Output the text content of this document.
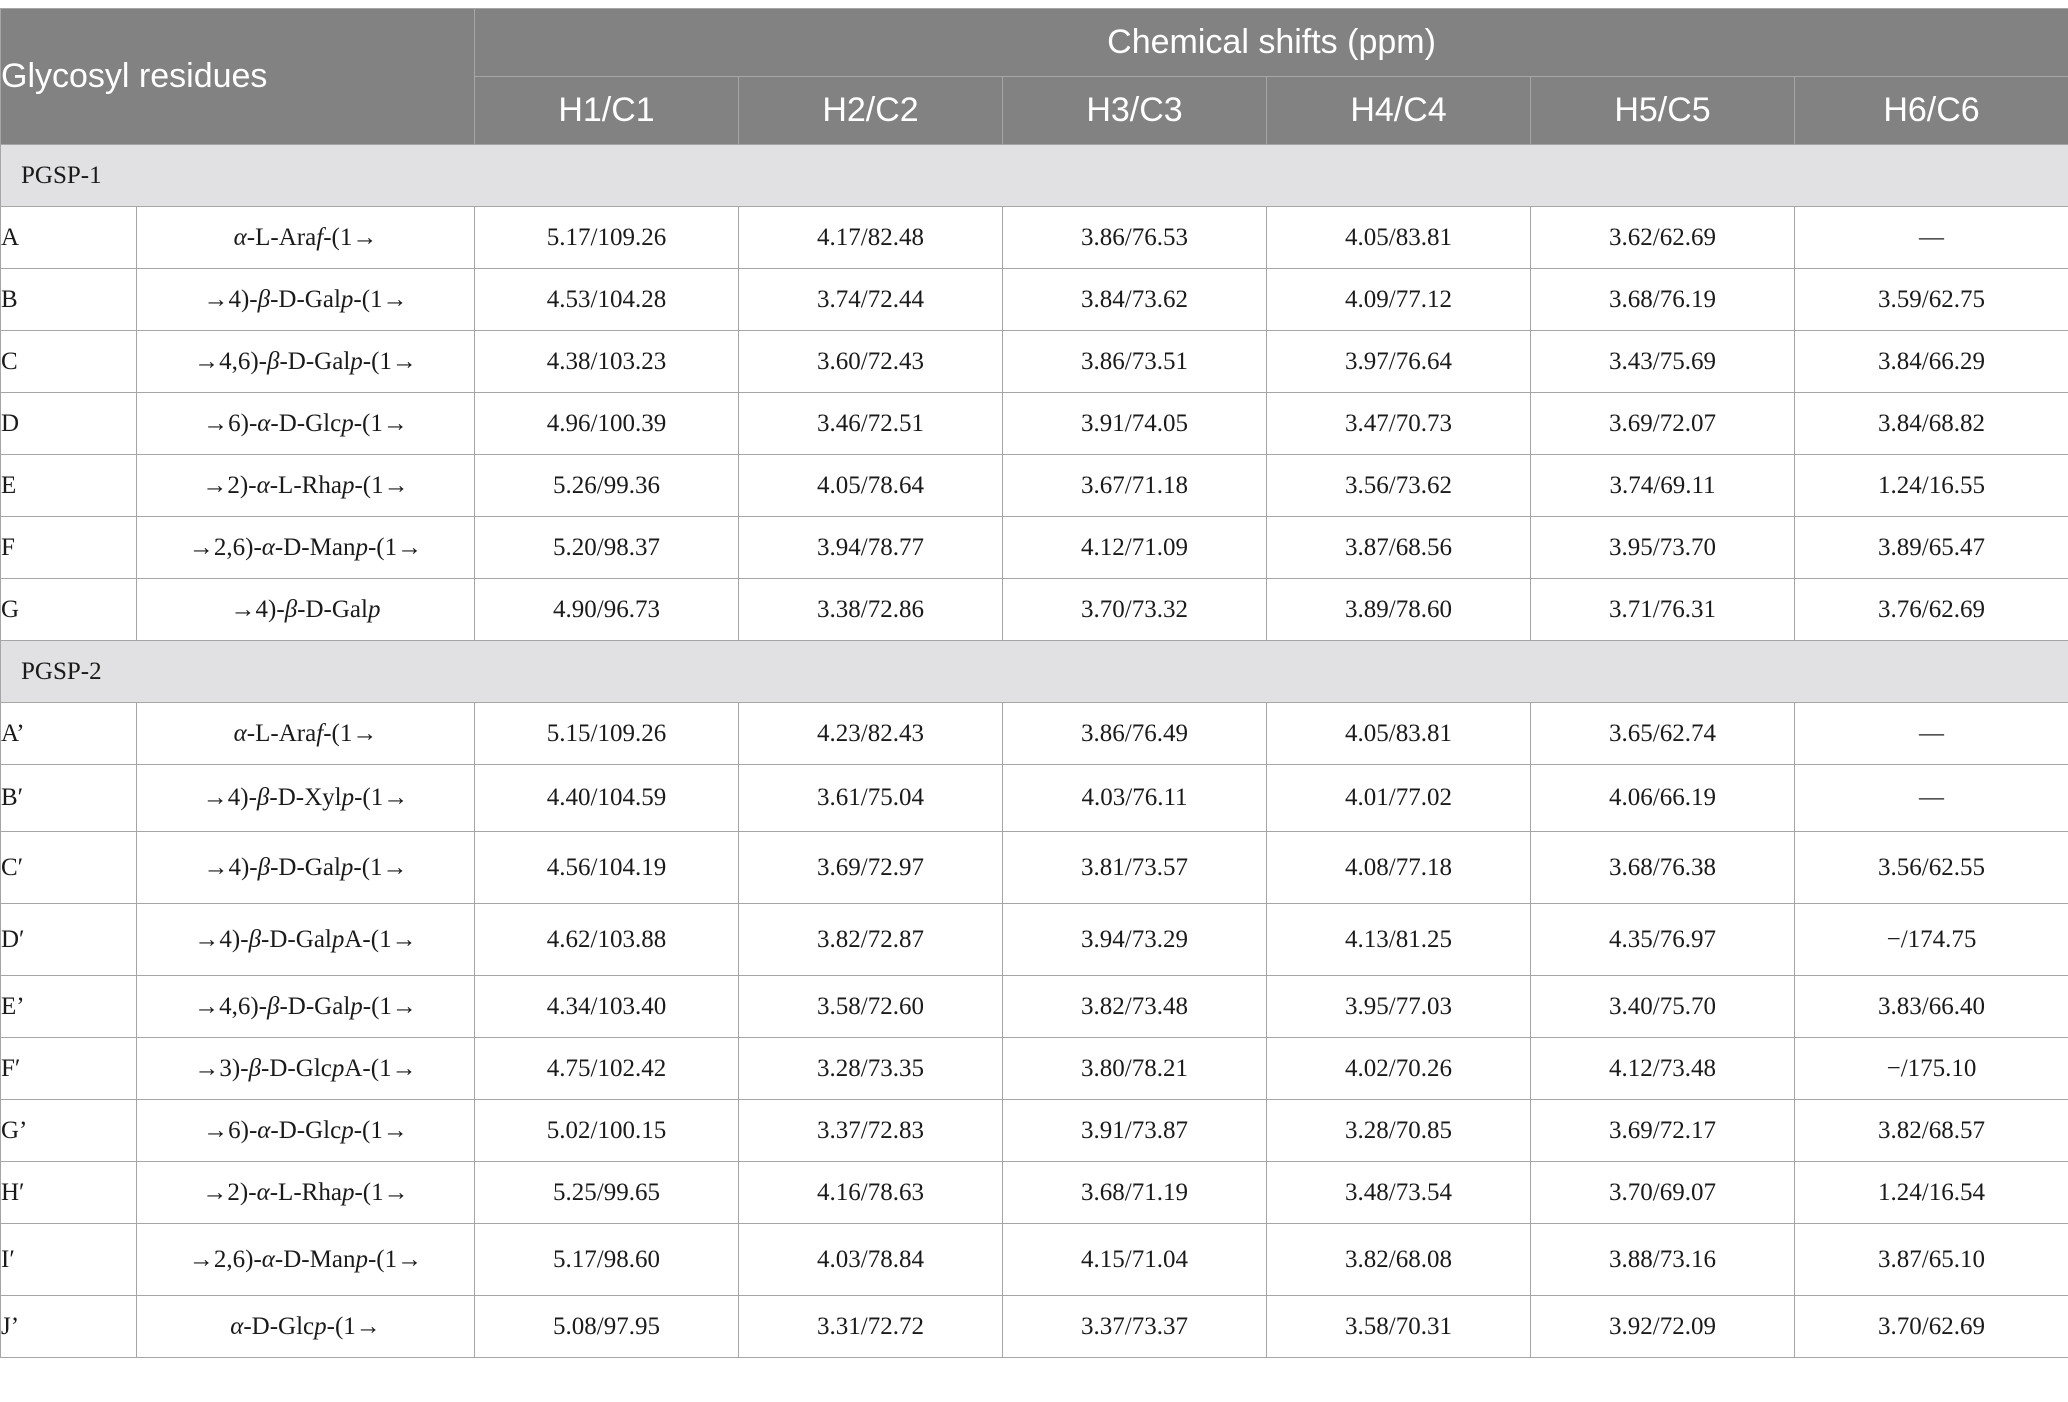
Glycosyl residues		Chemical shifts (ppm)					
		H1/C1	H2/C2	H3/C3	H4/C4	H5/C5	H6/C6
PGSP-1							
A	α-L-Araf-(1→	5.17/109.26	4.17/82.48	3.86/76.53	4.05/83.81	3.62/62.69	—
B	→4)-β-D-Galp-(1→	4.53/104.28	3.74/72.44	3.84/73.62	4.09/77.12	3.68/76.19	3.59/62.75
C	→4,6)-β-D-Galp-(1→	4.38/103.23	3.60/72.43	3.86/73.51	3.97/76.64	3.43/75.69	3.84/66.29
D	→6)-α-D-Glcp-(1→	4.96/100.39	3.46/72.51	3.91/74.05	3.47/70.73	3.69/72.07	3.84/68.82
E	→2)-α-L-Rhap-(1→	5.26/99.36	4.05/78.64	3.67/71.18	3.56/73.62	3.74/69.11	1.24/16.55
F	→2,6)-α-D-Manp-(1→	5.20/98.37	3.94/78.77	4.12/71.09	3.87/68.56	3.95/73.70	3.89/65.47
G	→4)-β-D-Galp	4.90/96.73	3.38/72.86	3.70/73.32	3.89/78.60	3.71/76.31	3.76/62.69
PGSP-2							
A’	α-L-Araf-(1→	5.15/109.26	4.23/82.43	3.86/76.49	4.05/83.81	3.65/62.74	—
B′	→4)-β-D-Xylp-(1→	4.40/104.59	3.61/75.04	4.03/76.11	4.01/77.02	4.06/66.19	—
C′	→4)-β-D-Galp-(1→	4.56/104.19	3.69/72.97	3.81/73.57	4.08/77.18	3.68/76.38	3.56/62.55
D′	→4)-β-D-GalpA-(1→	4.62/103.88	3.82/72.87	3.94/73.29	4.13/81.25	4.35/76.97	−/174.75
E’	→4,6)-β-D-Galp-(1→	4.34/103.40	3.58/72.60	3.82/73.48	3.95/77.03	3.40/75.70	3.83/66.40
F′	→3)-β-D-GlcpA-(1→	4.75/102.42	3.28/73.35	3.80/78.21	4.02/70.26	4.12/73.48	−/175.10
G’	→6)-α-D-Glcp-(1→	5.02/100.15	3.37/72.83	3.91/73.87	3.28/70.85	3.69/72.17	3.82/68.57
H′	→2)-α-L-Rhap-(1→	5.25/99.65	4.16/78.63	3.68/71.19	3.48/73.54	3.70/69.07	1.24/16.54
I′	→2,6)-α-D-Manp-(1→	5.17/98.60	4.03/78.84	4.15/71.04	3.82/68.08	3.88/73.16	3.87/65.10
J’	α-D-Glcp-(1→	5.08/97.95	3.31/72.72	3.37/73.37	3.58/70.31	3.92/72.09	3.70/62.69
